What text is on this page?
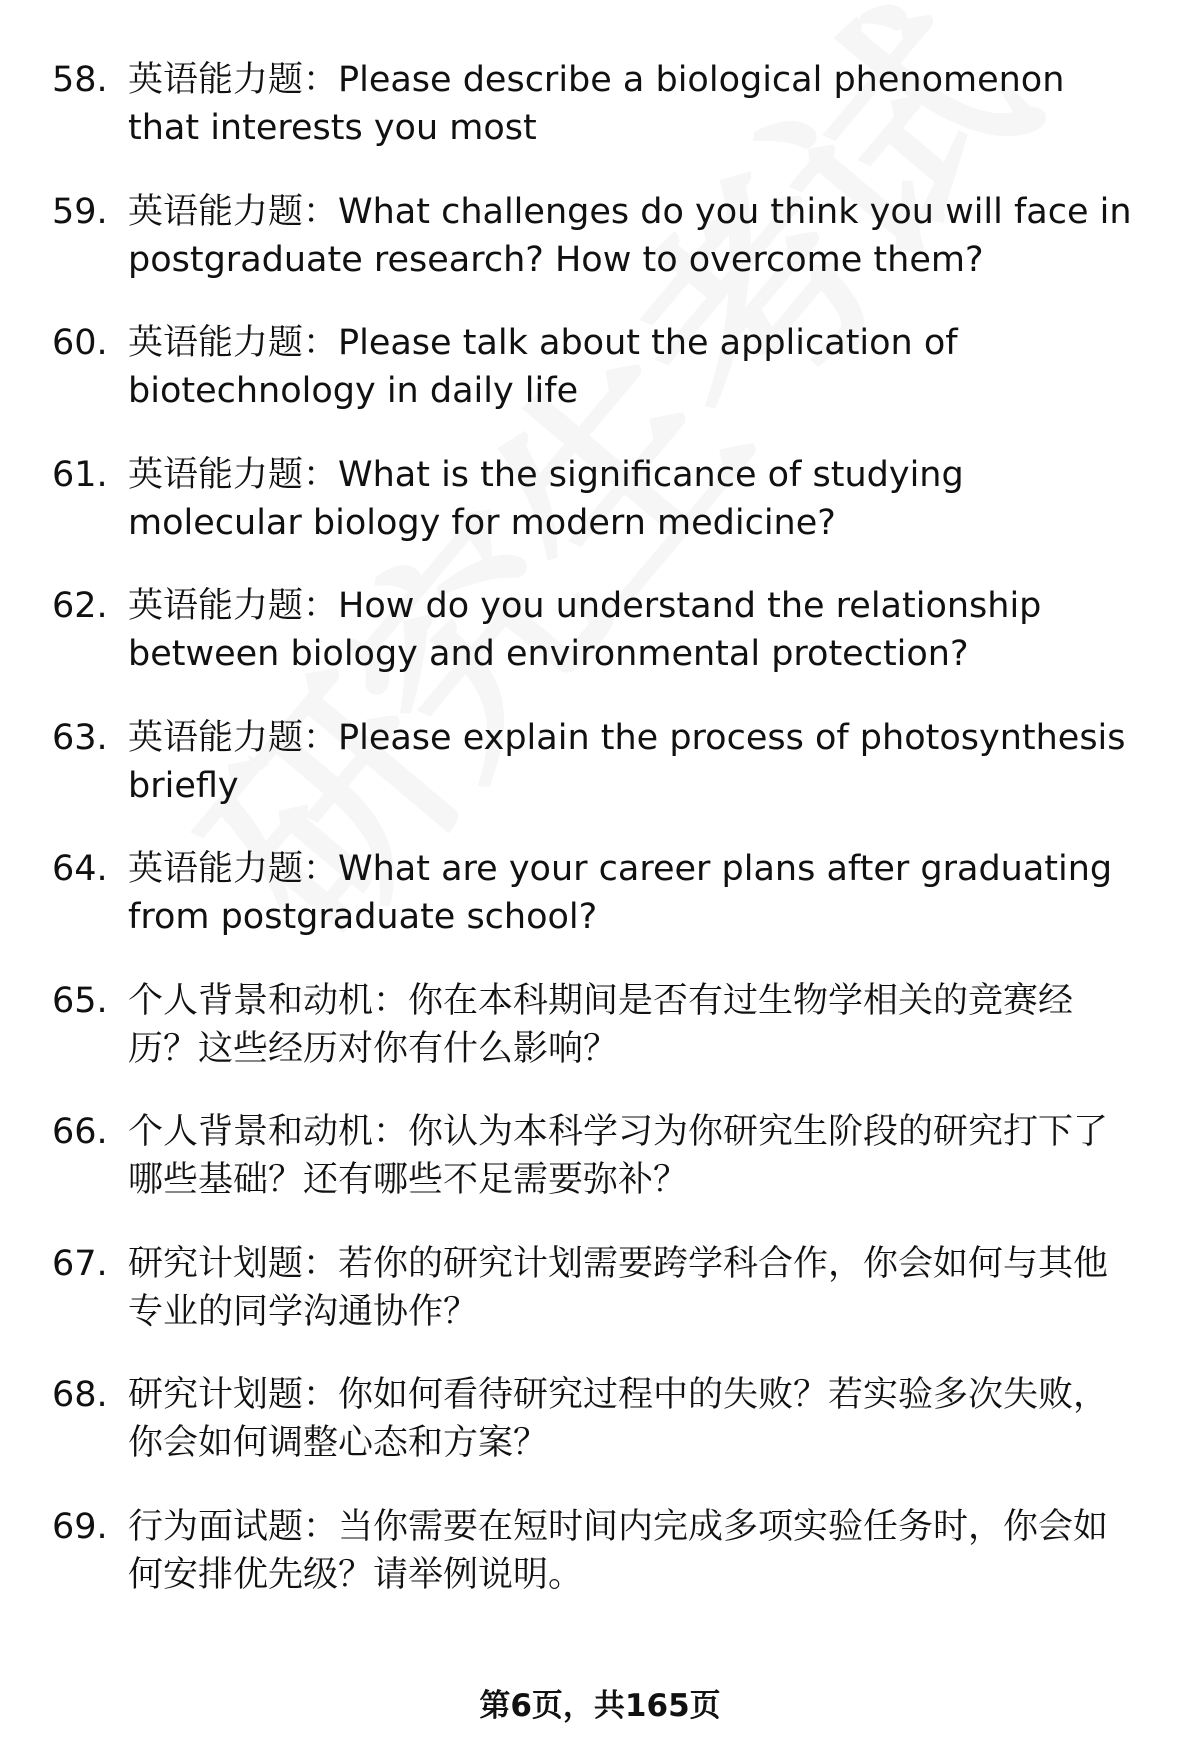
58. 英语能力题：Please describe a biological phenomenon that interests you most
59. 英语能力题：What challenges do you think you will face in postgraduate research? How to overcome them?
60. 英语能力题：Please talk about the application of biotechnology in daily life
61. 英语能力题：What is the significance of studying molecular biology for modern medicine?
62. 英语能力题：How do you understand the relationship between biology and environmental protection?
63. 英语能力题：Please explain the process of photosynthesis briefly
64. 英语能力题：What are your career plans after graduating from postgraduate school?
65. 个人背景和动机：你在本科期间是否有过生物学相关的竞赛经历？这些经历对你有什么影响？
66. 个人背景和动机：你认为本科学习为你研究生阶段的研究打下了哪些基础？还有哪些不足需要弥补？
67. 研究计划题：若你的研究计划需要跨学科合作，你会如何与其他专业的同学沟通协作？
68. 研究计划题：你如何看待研究过程中的失败？若实验多次失败，你会如何调整心态和方案？
69. 行为面试题：当你需要在短时间内完成多项实验任务时，你会如何安排优先级？请举例说明。
第6页，共165页
